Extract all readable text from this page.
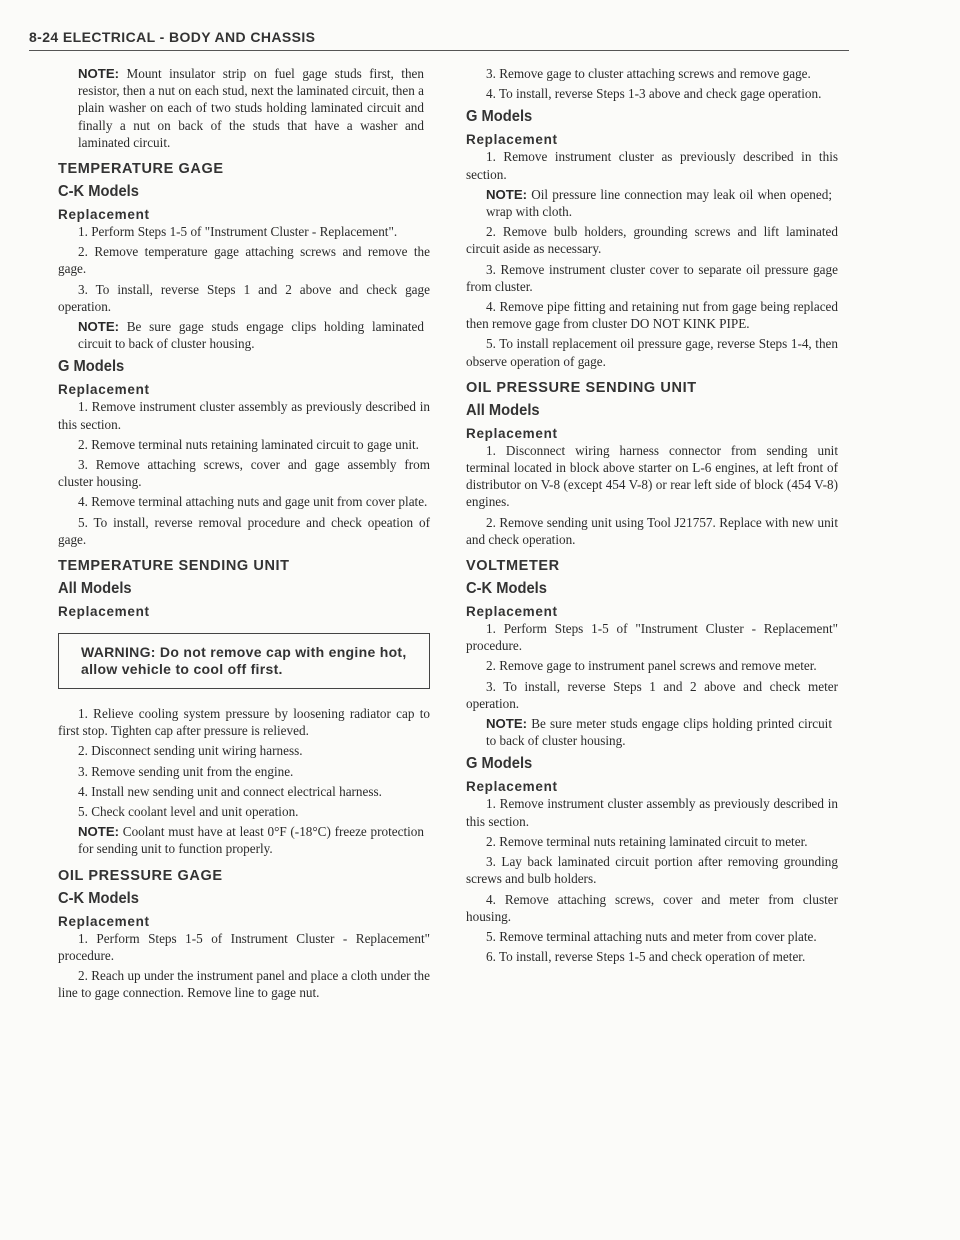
8-24 ELECTRICAL - BODY AND CHASSIS

NOTE: Mount insulator strip on fuel gage studs first, then resistor, then a nut on each stud, next the laminated circuit, then a plain washer on each of two studs holding laminated circuit and finally a nut on back of the studs that have a washer and laminated circuit.

TEMPERATURE GAGE
C-K Models
Replacement

1. Perform Steps 1-5 of "Instrument Cluster - Replacement".

2. Remove temperature gage attaching screws and remove the gage.

3. To install, reverse Steps 1 and 2 above and check gage operation.

NOTE: Be sure gage studs engage clips holding laminated circuit to back of cluster housing.

G Models
Replacement

1. Remove instrument cluster assembly as previously described in this section.

2. Remove terminal nuts retaining laminated circuit to gage unit.

3. Remove attaching screws, cover and gage assembly from cluster housing.

4. Remove terminal attaching nuts and gage unit from cover plate.

5. To install, reverse removal procedure and check opeation of gage.

TEMPERATURE SENDING UNIT
All Models
Replacement
WARNING: Do not remove cap with engine hot, allow vehicle to cool off first.

1. Relieve cooling system pressure by loosening radiator cap to first stop. Tighten cap after pressure is relieved.

2. Disconnect sending unit wiring harness.

3. Remove sending unit from the engine.

4. Install new sending unit and connect electrical harness.

5. Check coolant level and unit operation.

NOTE: Coolant must have at least 0°F (-18°C) freeze protection for sending unit to function properly.

OIL PRESSURE GAGE
C-K Models
Replacement

1. Perform Steps 1-5 of Instrument Cluster - Replacement" procedure.

2. Reach up under the instrument panel and place a cloth under the line to gage connection. Remove line to gage nut.

3. Remove gage to cluster attaching screws and remove gage.

4. To install, reverse Steps 1-3 above and check gage operation.

G Models
Replacement

1. Remove instrument cluster as previously described in this section.

NOTE: Oil pressure line connection may leak oil when opened; wrap with cloth.

2. Remove bulb holders, grounding screws and lift laminated circuit aside as necessary.

3. Remove instrument cluster cover to separate oil pressure gage from cluster.

4. Remove pipe fitting and retaining nut from gage being replaced then remove gage from cluster DO NOT KINK PIPE.

5. To install replacement oil pressure gage, reverse Steps 1-4, then observe operation of gage.

OIL PRESSURE SENDING UNIT
All Models
Replacement

1. Disconnect wiring harness connector from sending unit terminal located in block above starter on L-6 engines, at left front of distributor on V-8 (except 454 V-8) or rear left side of block (454 V-8) engines.

2. Remove sending unit using Tool J21757. Replace with new unit and check operation.

VOLTMETER
C-K Models
Replacement

1. Perform Steps 1-5 of "Instrument Cluster - Replacement" procedure.

2. Remove gage to instrument panel screws and remove meter.

3. To install, reverse Steps 1 and 2 above and check meter operation.

NOTE: Be sure meter studs engage clips holding printed circuit to back of cluster housing.

G Models
Replacement

1. Remove instrument cluster assembly as previously described in this section.

2. Remove terminal nuts retaining laminated circuit to meter.

3. Lay back laminated circuit portion after removing grounding screws and bulb holders.

4. Remove attaching screws, cover and meter from cluster housing.

5. Remove terminal attaching nuts and meter from cover plate.

6. To install, reverse Steps 1-5 and check operation of meter.
